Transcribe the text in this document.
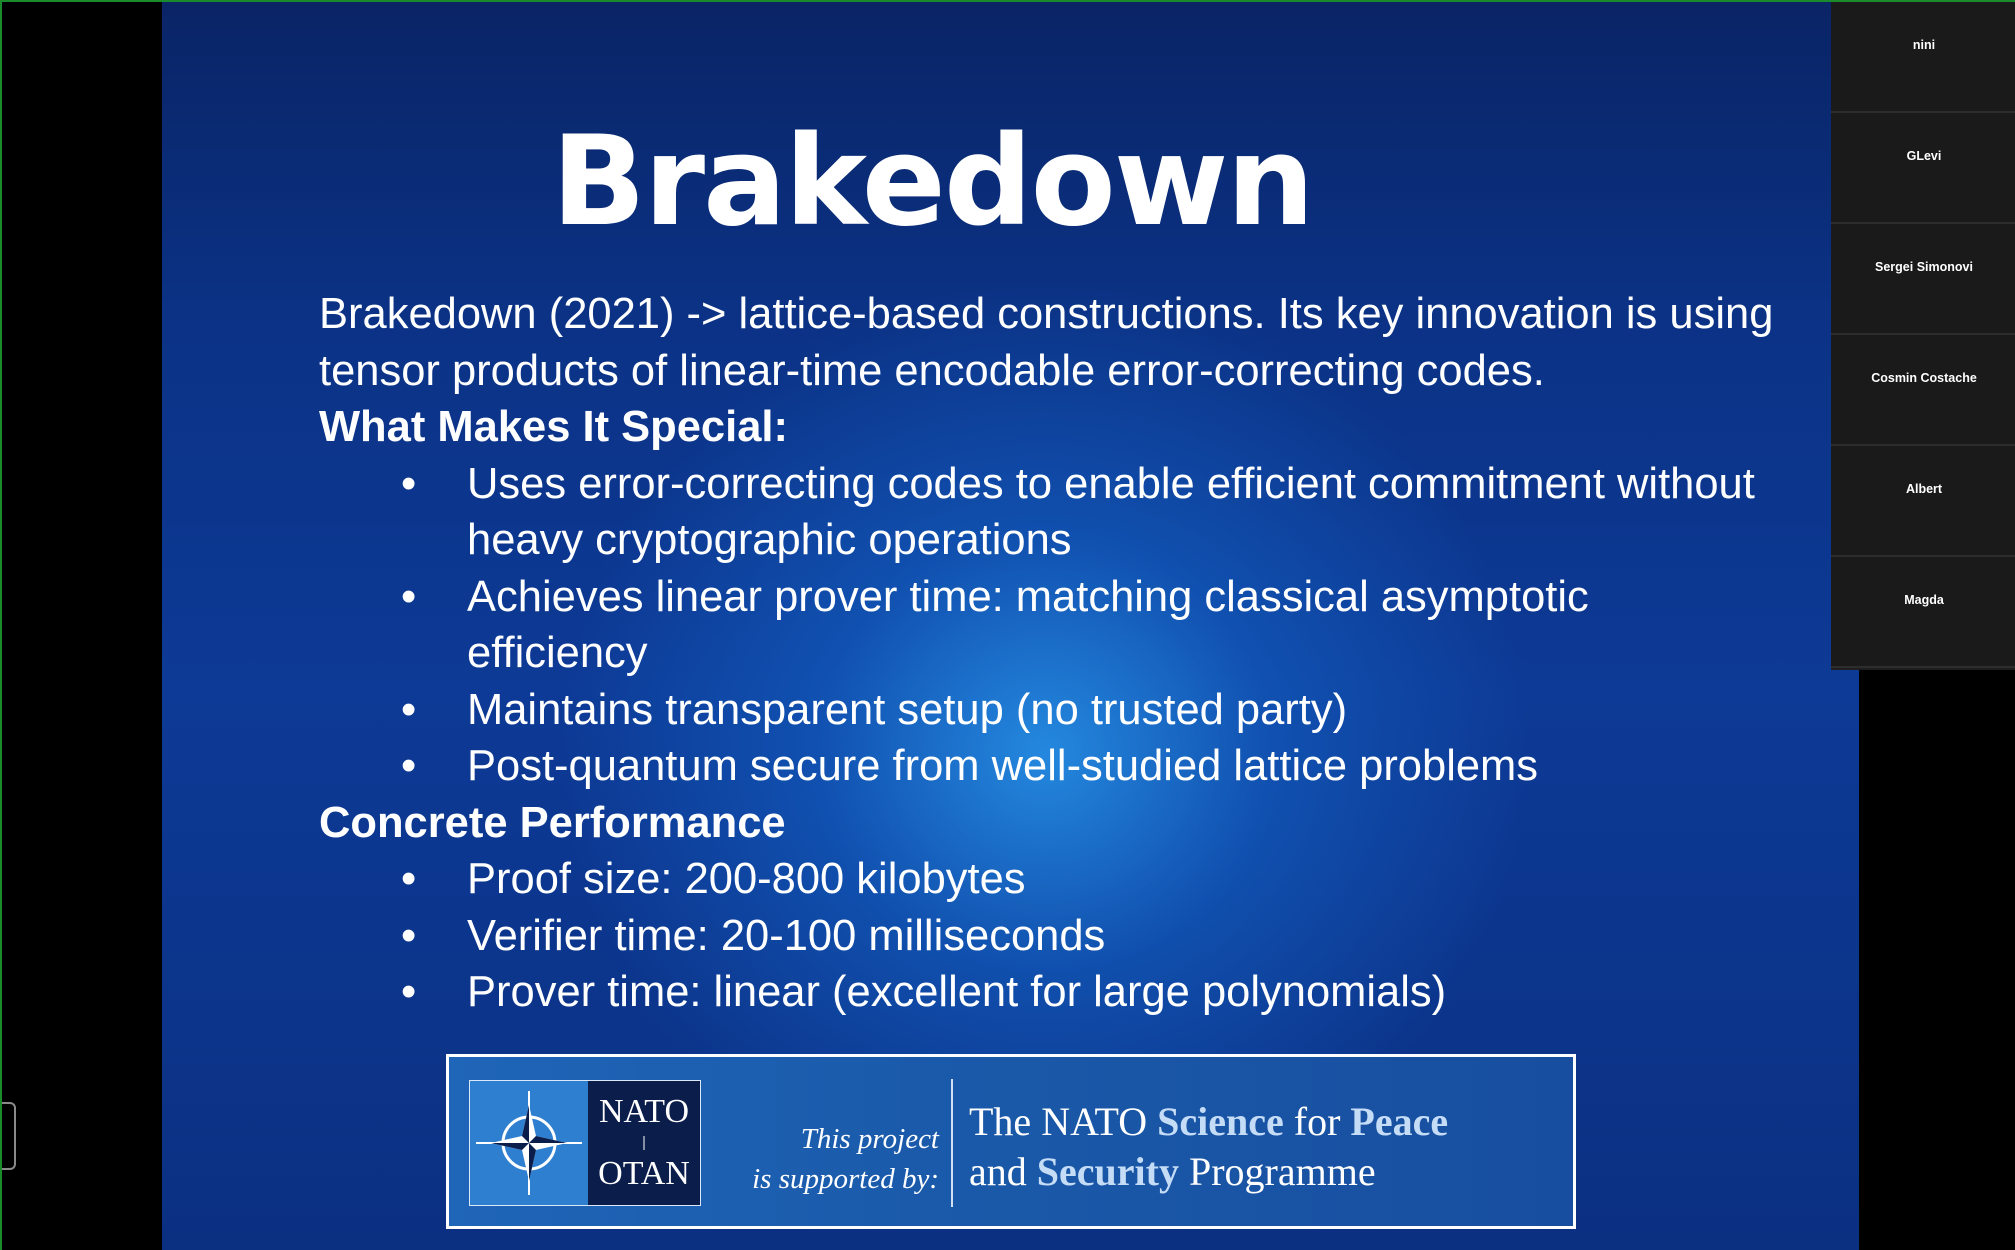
Brakedown

Brakedown (2021) -> lattice-based constructions. Its key innovation is using tensor products of linear-time encodable error-correcting codes.

What Makes It Special:

• Uses error-correcting codes to enable efficient commitment without heavy cryptographic operations
• Achieves linear prover time: matching classical asymptotic efficiency
• Maintains transparent setup (no trusted party)
• Post-quantum secure from well-studied lattice problems

Concrete Performance

• Proof size: 200-800 kilobytes
• Verifier time: 20-100 milliseconds
• Prover time: linear (excellent for large polynomials)
NATO
OTAN
This project
is supported by:
The NATO Science for Peace
and Security Programme
nini
GLevi
Sergei Simonovi
Cosmin Costache
Albert
Magda
